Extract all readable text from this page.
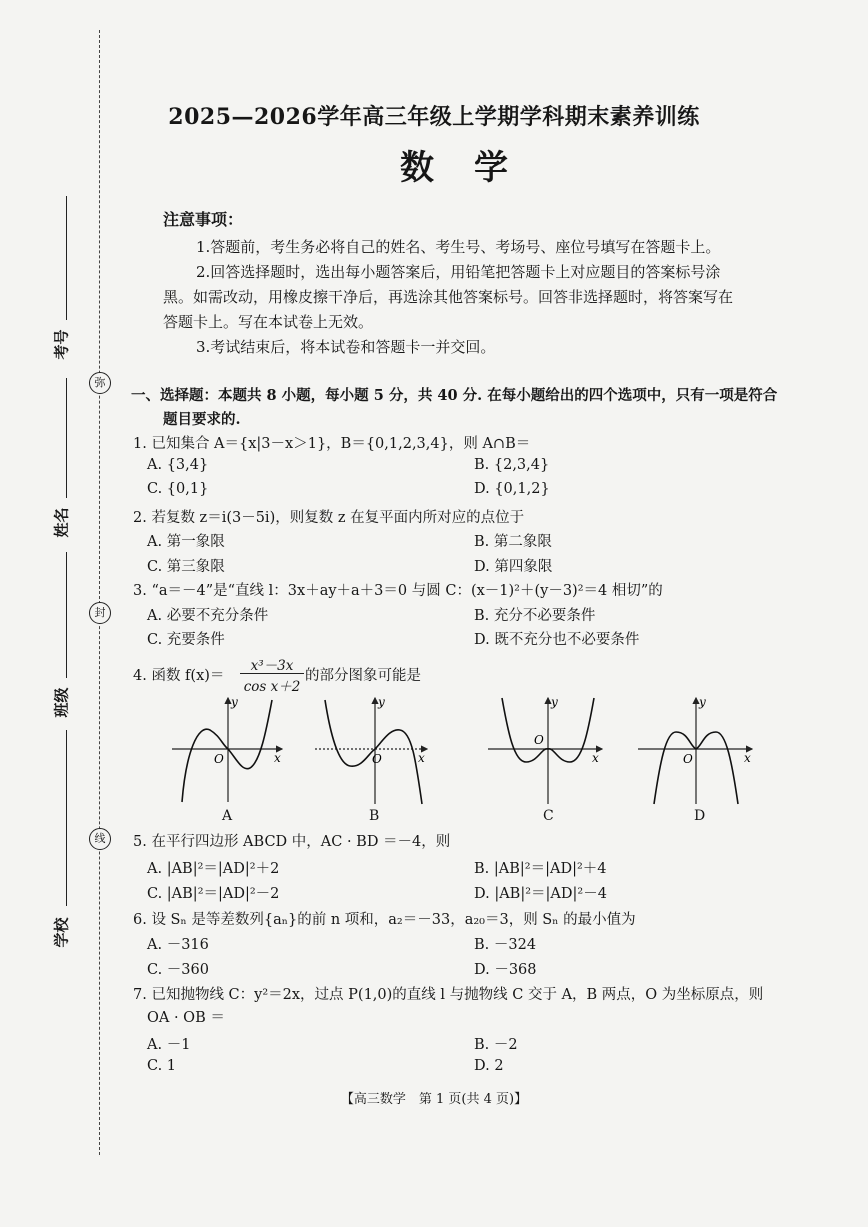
弥
封
线
考号
姓名
班级
学校
2025—2026学年高三年级上学期学科期末素养训练
数学
注意事项：
1.答题前，考生务必将自己的姓名、考生号、考场号、座位号填写在答题卡上。
2.回答选择题时，选出每小题答案后，用铅笔把答题卡上对应题目的答案标号涂
黑。如需改动，用橡皮擦干净后，再选涂其他答案标号。回答非选择题时，将答案写在
答题卡上。写在本试卷上无效。
3.考试结束后，将本试卷和答题卡一并交回。
一、选择题：本题共 8 小题，每小题 5 分，共 40 分. 在每小题给出的四个选项中，只有一项是符合
题目要求的.
1. 已知集合 A＝{x|3－x＞1}，B＝{0,1,2,3,4}，则 A∩B＝
A. {3,4}	B. {2,3,4}
C. {0,1}	D. {0,1,2}
2. 若复数 z＝i(3－5i)，则复数 z 在复平面内所对应的点位于
A. 第一象限	B. 第二象限
C. 第三象限	D. 第四象限
3. “a＝－4”是“直线 l：3x＋ay＋a＋3＝0 与圆 C：(x－1)²＋(y－3)²＝4 相切”的
A. 必要不充分条件	B. 充分不必要条件
C. 充要条件	D. 既不充分也不必要条件
4. 函数 f(x)＝
x³－3x
cos x＋2
的部分图象可能是
y
x
O
y
x
O
y
x
O
y
x
O
A	B	C	D
5. 在平行四边形 ABCD 中，AC · BD ＝－4，则
A. |AB|²＝|AD|²＋2	B. |AB|²＝|AD|²＋4
C. |AB|²＝|AD|²－2	D. |AB|²＝|AD|²－4
6. 设 Sₙ 是等差数列{aₙ}的前 n 项和，a₂＝－33，a₂₀＝3，则 Sₙ 的最小值为
A. －316	B. －324
C. －360	D. －368
7. 已知抛物线 C：y²＝2x，过点 P(1,0)的直线 l 与抛物线 C 交于 A，B 两点，O 为坐标原点，则
OA · OB ＝
A. －1	B. －2
C. 1	D. 2
【高三数学　第 1 页(共 4 页)】
